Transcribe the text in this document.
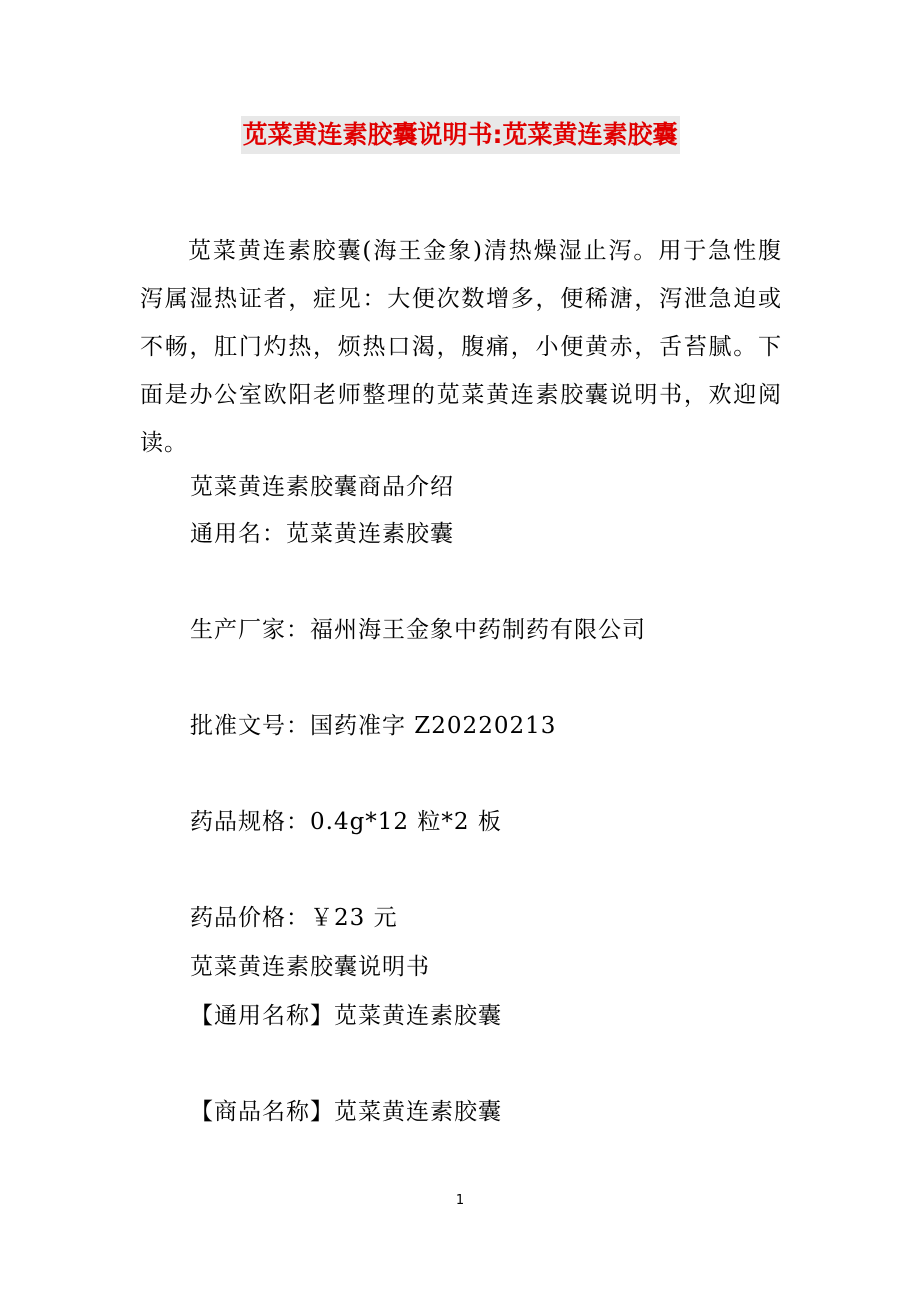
苋菜黄连素胶囊说明书:苋菜黄连素胶囊

苋菜黄连素胶囊(海王金象)清热燥湿止泻。用于急性腹泻属湿热证者，症见：大便次数增多，便稀溏，泻泄急迫或不畅，肛门灼热，烦热口渴，腹痛，小便黄赤，舌苔腻。下面是办公室欧阳老师整理的苋菜黄连素胶囊说明书，欢迎阅读。

苋菜黄连素胶囊商品介绍

通用名：苋菜黄连素胶囊

生产厂家：福州海王金象中药制药有限公司

批准文号：国药准字 Z20220213

药品规格：0.4g*12 粒*2 板

药品价格：￥23 元

苋菜黄连素胶囊说明书

【通用名称】苋菜黄连素胶囊

【商品名称】苋菜黄连素胶囊

1
